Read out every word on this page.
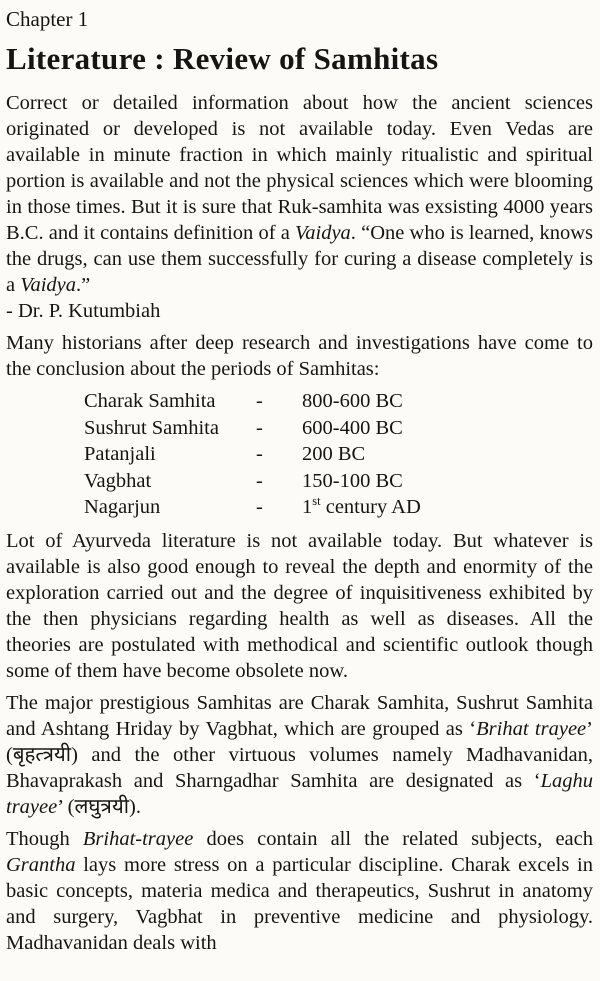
Chapter 1
Literature : Review of Samhitas

Correct or detailed information about how the ancient sciences originated or developed is not available today. Even Vedas are available in minute fraction in which mainly ritualistic and spiritual portion is available and not the physical sciences which were blooming in those times. But it is sure that Ruk-samhita was exsisting 4000 years B.C. and it contains definition of a Vaidya. “One who is learned, knows the drugs, can use them successfully for curing a disease completely is a Vaidya.”

- Dr. P. Kutumbiah

Many historians after deep research and investigations have come to the conclusion about the periods of Samhitas:

Charak Samhita	-	800-600 BC
Sushrut Samhita	-	600-400 BC
Patanjali	-	200 BC
Vagbhat	-	150-100 BC
Nagarjun	-	1st century AD

Lot of Ayurveda literature is not available today. But whatever is available is also good enough to reveal the depth and enormity of the exploration carried out and the degree of inquisitiveness exhibited by the then physicians regarding health as well as diseases. All the theories are postulated with methodical and scientific outlook though some of them have become obsolete now.

The major prestigious Samhitas are Charak Samhita, Sushrut Samhita and Ashtang Hriday by Vagbhat, which are grouped as ‘Brihat trayee’ (बृहत्त्रयी) and the other virtuous volumes namely Madhavanidan, Bhavaprakash and Sharngadhar Samhita are designated as ‘Laghu trayee’ (लघुत्रयी).

Though Brihat-trayee does contain all the related subjects, each Grantha lays more stress on a particular discipline. Charak excels in basic concepts, materia medica and therapeutics, Sushrut in anatomy and surgery, Vagbhat in preventive medicine and physiology. Madhavanidan deals with
